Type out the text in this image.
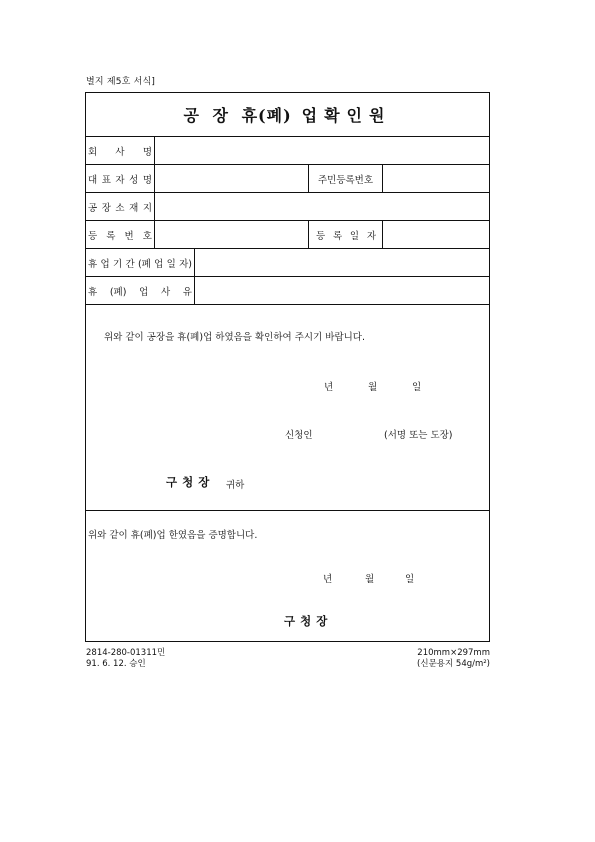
별지 제5호 서식]
공 장 휴(폐) 업확인원
회 사 명
대 표 자 성 명	주민등록번호
공 장 소 재 지
등 록 번 호	등 록 일 자
휴 업 기 간 (폐 업 일 자)
휴 (폐) 업 사 유
위와 같이 공장을 휴(폐)업 하였음을 확인하여 주시기 바랍니다.
년	월	일
신청인	(서명 또는 도장)
구청장 귀하
위와 같이 휴(폐)업 한였음을 증명합니다.
년	월	일
구청장
2814-280-01311민
91. 6. 12. 승인
210mm×297mm
(신문용지 54g/m²)
